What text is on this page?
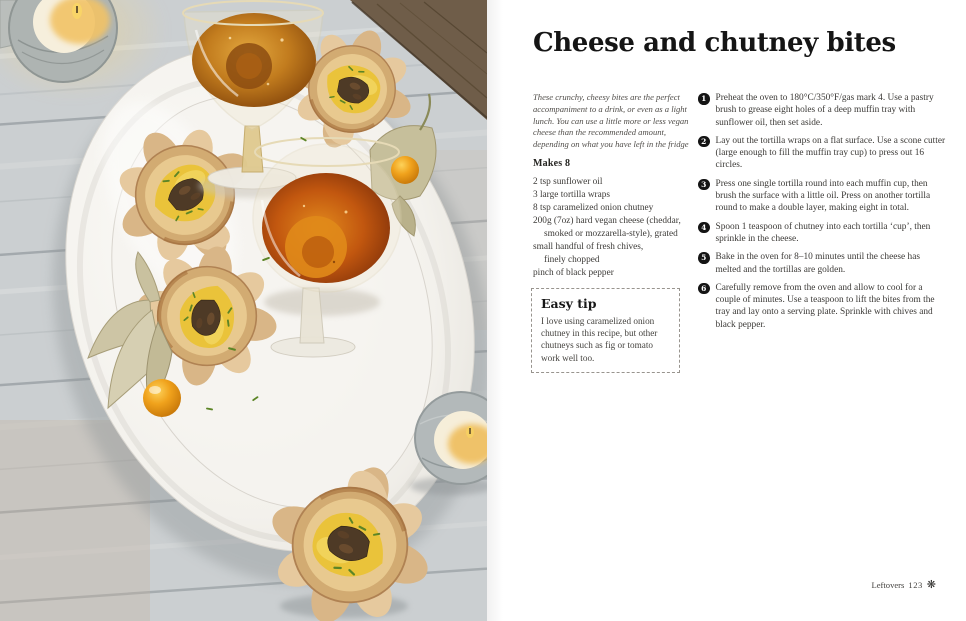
Cheese and chutney bites

These crunchy, cheesy bites are the perfect accompaniment to a drink, or even as a light lunch. You can use a little more or less vegan cheese than the recommended amount, depending on what you have left in the fridge

Makes 8
2 tsp sunflower oil
3 large tortilla wraps
8 tsp caramelized onion chutney
200g (7oz) hard vegan cheese (cheddar,
smoked or mozzarella-style), grated
small handful of fresh chives,
finely chopped
pinch of black pepper
Easy tip

I love using caramelized onion chutney in this recipe, but other chutneys such as fig or tomato work well too.

1 Preheat the oven to 180°C/350°F/gas mark 4. Use a pastry brush to grease eight holes of a deep muffin tray with sunflower oil, then set aside.

2 Lay out the tortilla wraps on a flat surface. Use a scone cutter (large enough to fill the muffin tray cup) to press out 16 circles.

3 Press one single tortilla round into each muffin cup, then brush the surface with a little oil. Press on another tortilla round to make a double layer, making eight in total.

4 Spoon 1 teaspoon of chutney into each tortilla ‘cup’, then sprinkle in the cheese.

5 Bake in the oven for 8–10 minutes until the cheese has melted and the tortillas are golden.

6 Carefully remove from the oven and allow to cool for a couple of minutes. Use a teaspoon to lift the bites from the tray and lay onto a serving plate. Sprinkle with chives and black pepper.

Leftovers 123 ❋
